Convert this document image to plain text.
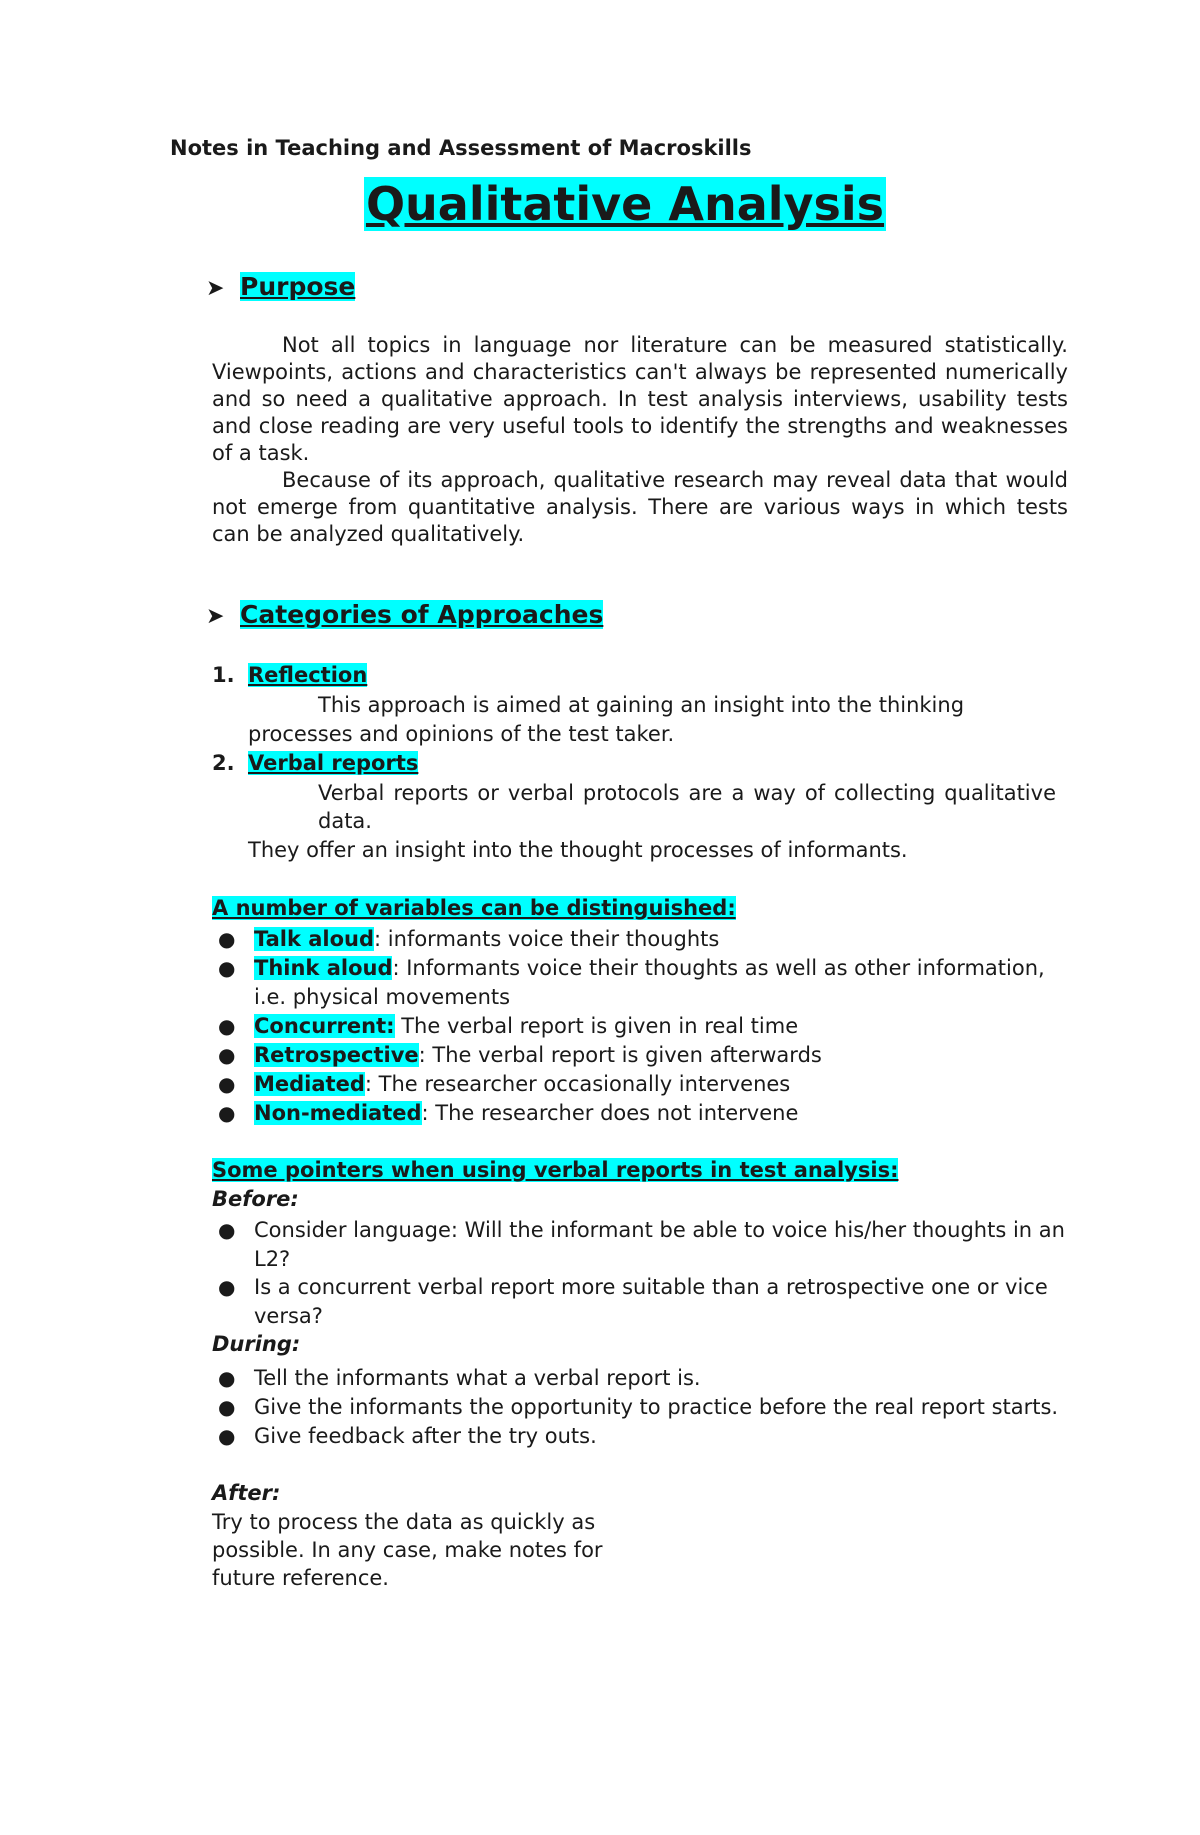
Notes in Teaching and Assessment of Macroskills
Qualitative Analysis
➤ Purpose
Not all topics in language nor literature can be measured statistically. Viewpoints, actions and characteristics can't always be represented numerically and so need a qualitative approach. In test analysis interviews, usability tests and close reading are very useful tools to identify the strengths and weaknesses of a task.
Because of its approach, qualitative research may reveal data that would not emerge from quantitative analysis. There are various ways in which tests can be analyzed qualitatively.
➤ Categories of Approaches
1. Reflection
This approach is aimed at gaining an insight into the thinking
processes and opinions of the test taker.
2. Verbal reports
Verbal reports or verbal protocols are a way of collecting qualitative
data.
They offer an insight into the thought processes of informants.
A number of variables can be distinguished:
● Talk aloud: informants voice their thoughts
● Think aloud: Informants voice their thoughts as well as other information,
i.e. physical movements
● Concurrent: The verbal report is given in real time
● Retrospective: The verbal report is given afterwards
● Mediated: The researcher occasionally intervenes
● Non-mediated: The researcher does not intervene
Some pointers when using verbal reports in test analysis:
Before:
● Consider language: Will the informant be able to voice his/her thoughts in an
L2?
● Is a concurrent verbal report more suitable than a retrospective one or vice
versa?
During:
● Tell the informants what a verbal report is.
● Give the informants the opportunity to practice before the real report starts.
● Give feedback after the try outs.
After:
Try to process the data as quickly as
possible. In any case, make notes for
future reference.
